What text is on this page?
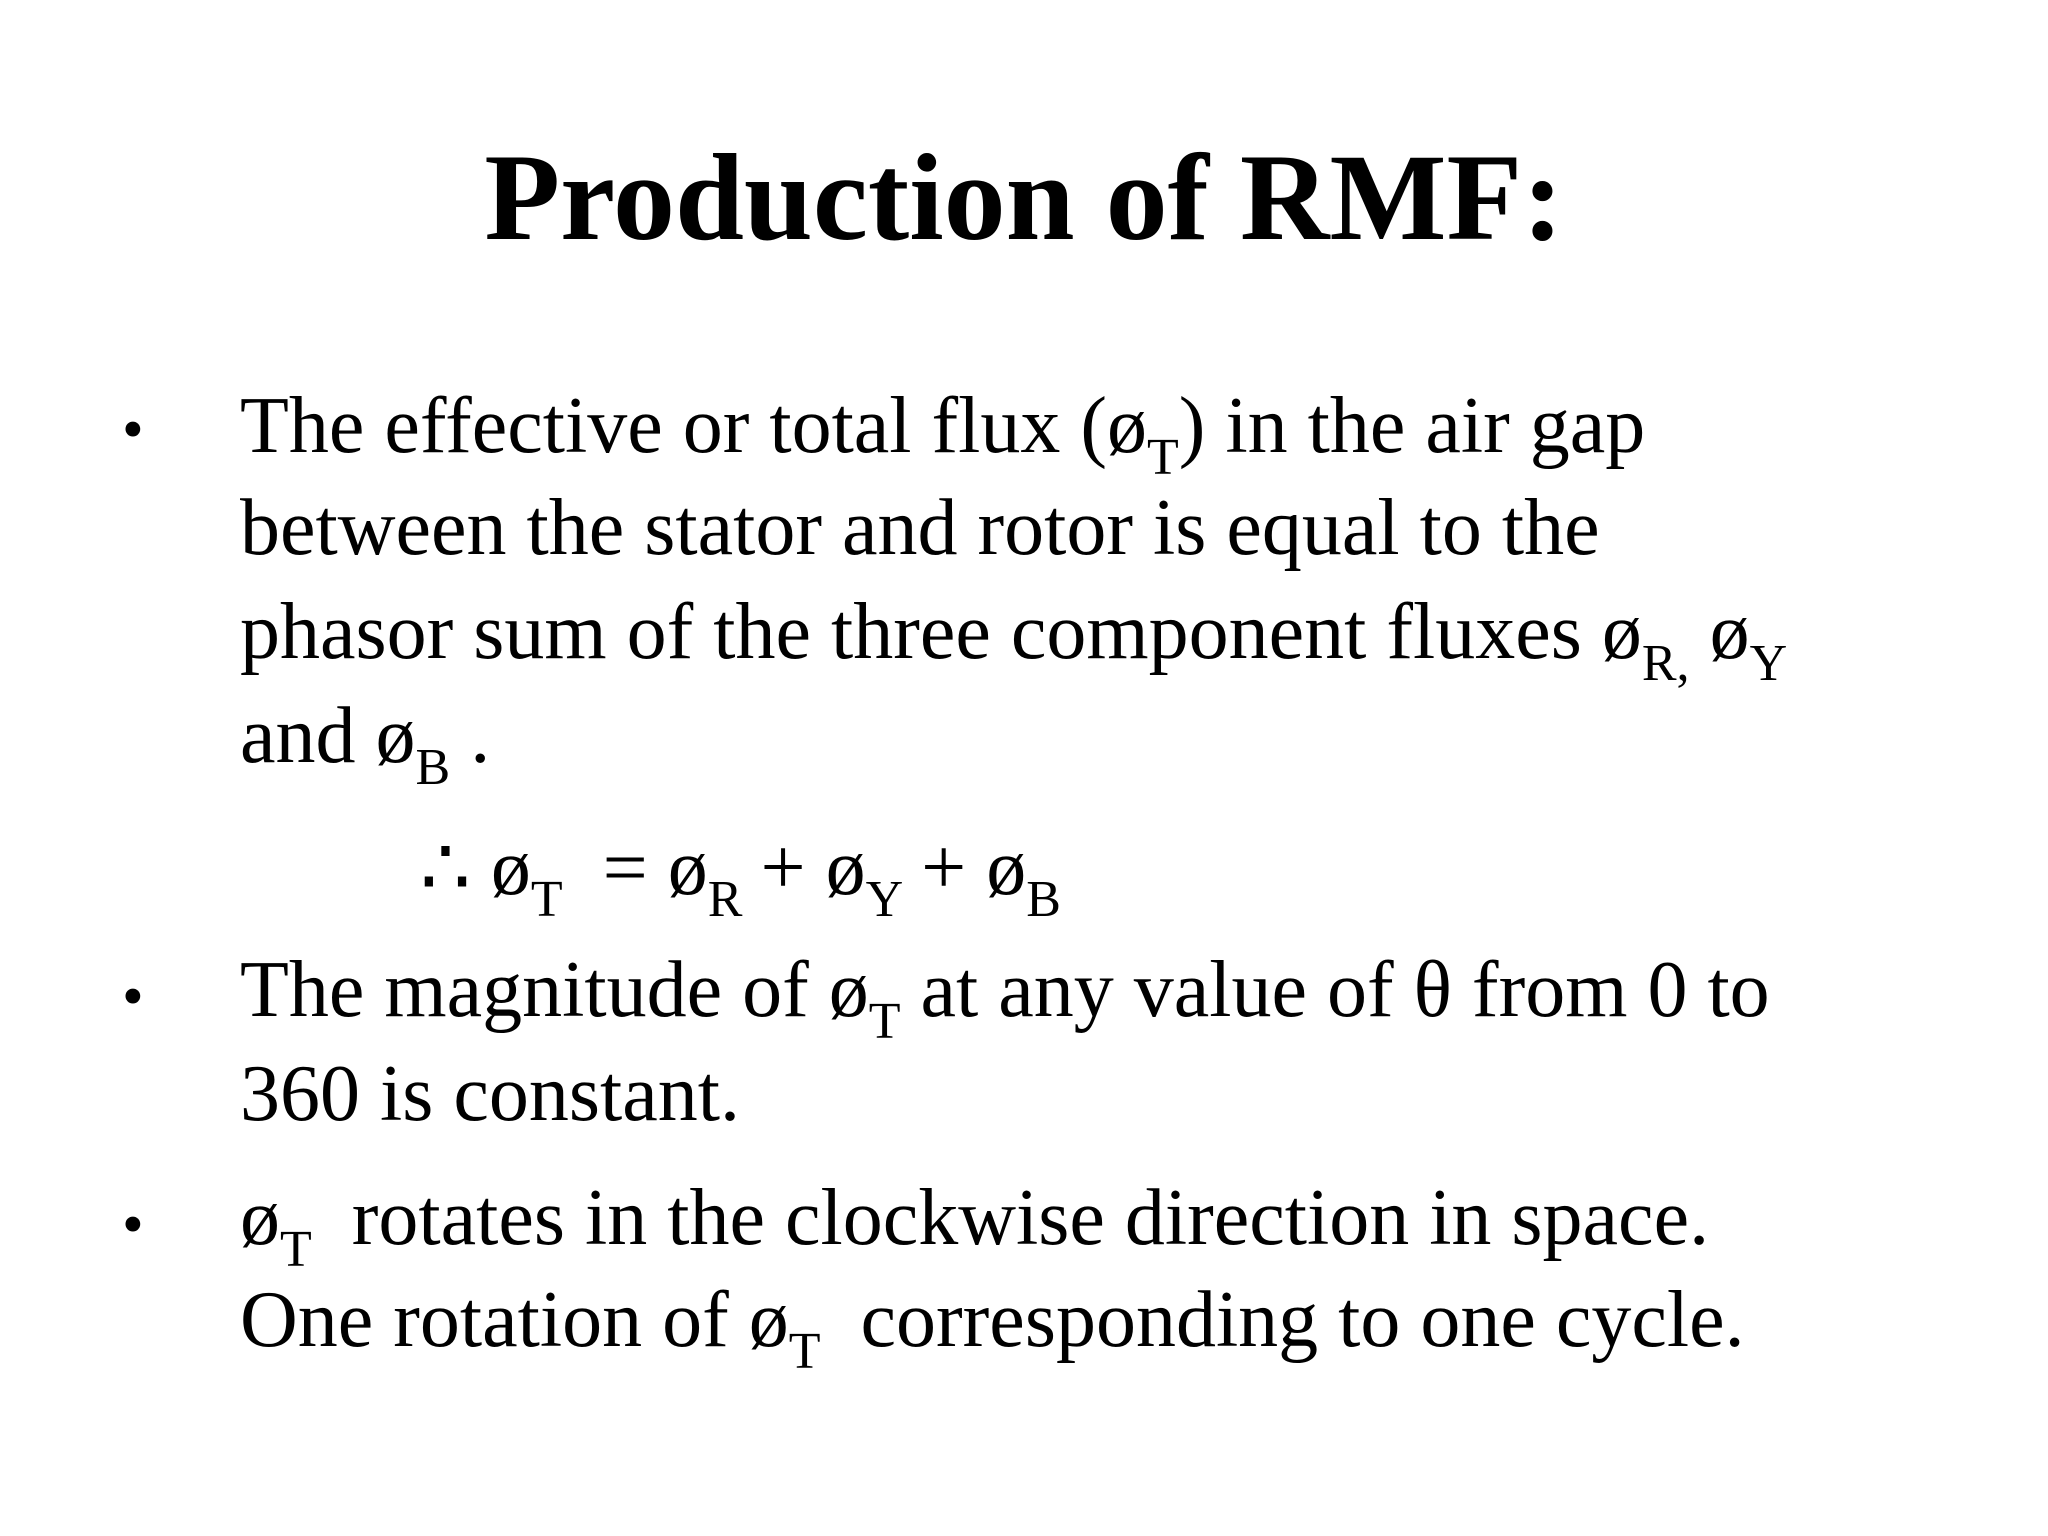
Production of RMF:
• The effective or total flux $(ø_T)$ in the air gap
between the stator and rotor is equal to the
phasor sum of the three component fluxes $ø_{R,}$ $ø_Y$
and $ø_B$ .
∴ $ø_T$ = $ø_R$ + $ø_Y$ + $ø_B$
• The magnitude of $ø_T$ at any value of θ from 0 to
360 is constant.
• $ø_T$  rotates in the clockwise direction in space.
One rotation of $ø_T$  corresponding to one cycle.
